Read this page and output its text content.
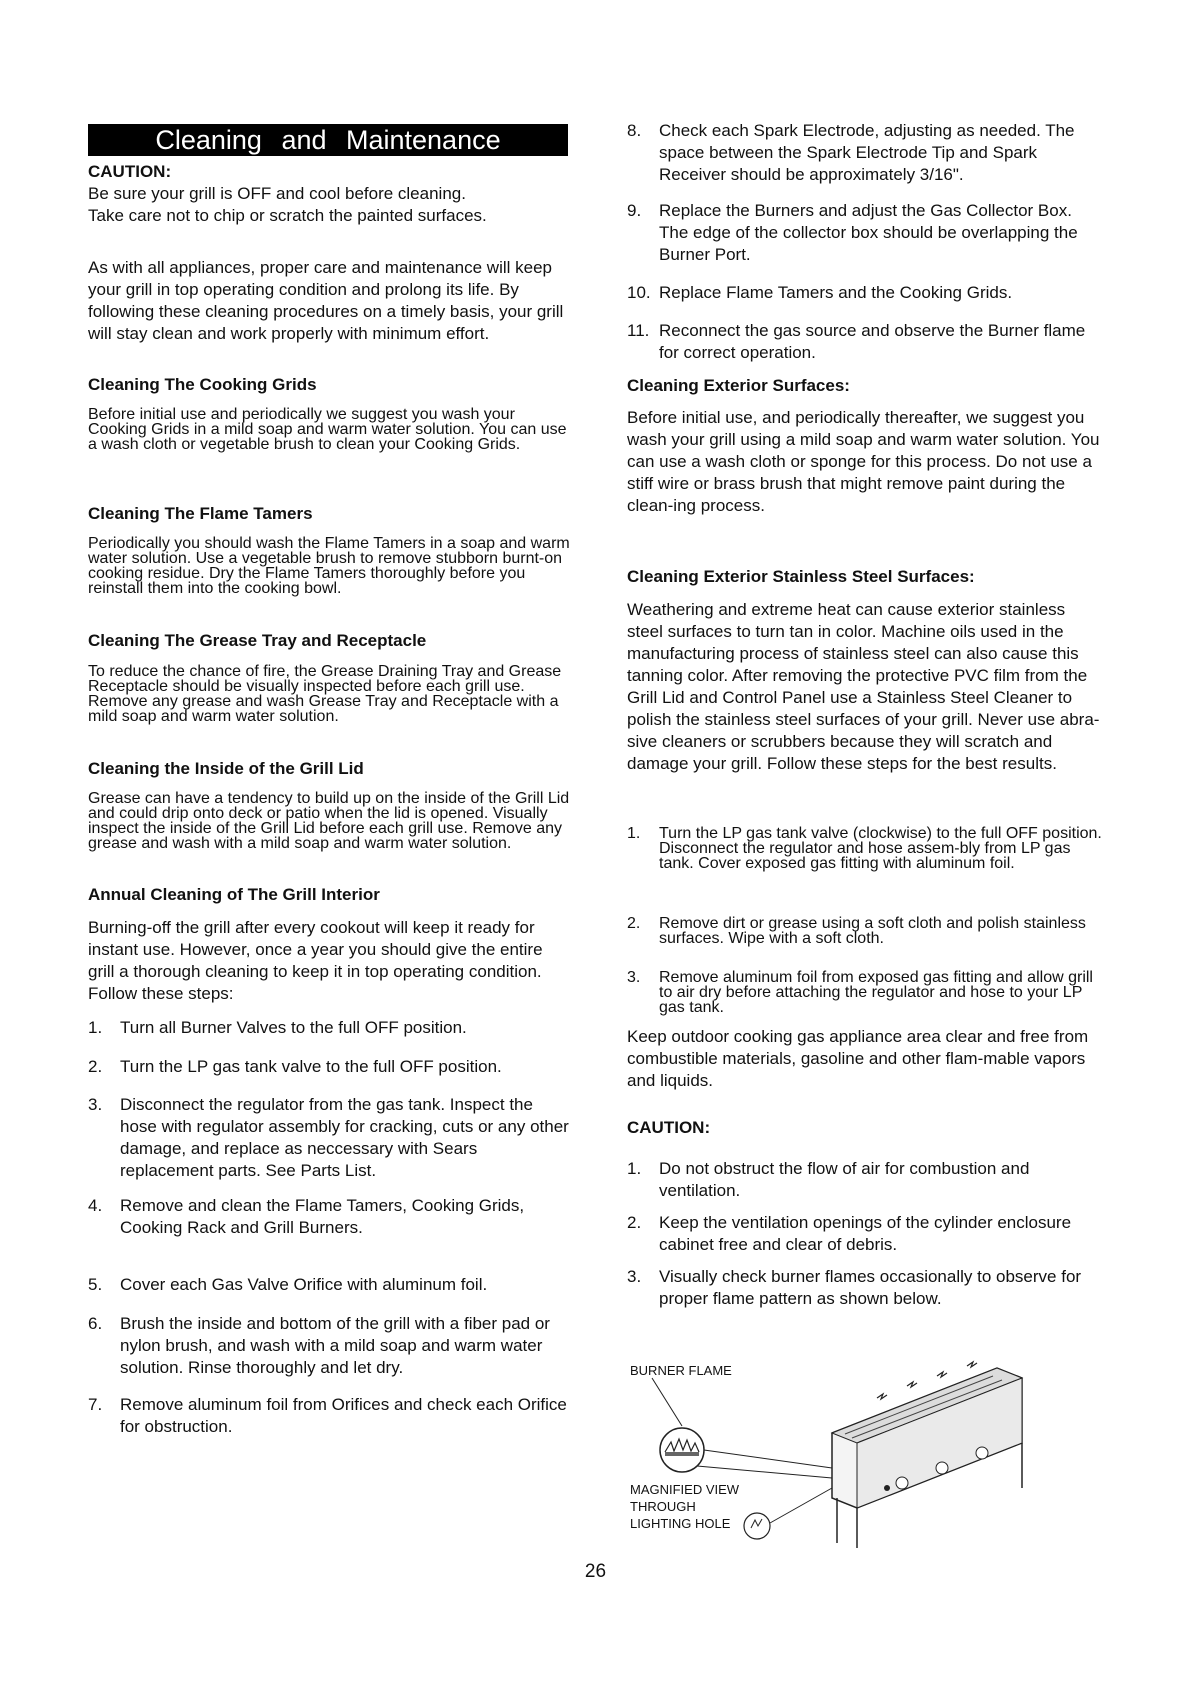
Cleaning and Maintenance
CAUTION:

Be sure your grill is OFF and cool before cleaning.

Take care not to chip or scratch the painted surfaces.

As with all appliances, proper care and maintenance will keep your grill in top operating condition and prolong its life. By following these cleaning procedures on a timely basis, your grill will stay clean and work properly with minimum effort.

Cleaning The Cooking Grids

Before initial use and periodically we suggest you wash your Cooking Grids in a mild soap and warm water solution. You can use a wash cloth or vegetable brush to clean your Cooking Grids.

Cleaning The Flame Tamers

Periodically you should wash the Flame Tamers in a soap and warm water solution. Use a vegetable brush to remove stubborn burnt-on cooking residue. Dry the Flame Tamers thoroughly before you reinstall them into the cooking bowl.

Cleaning The Grease Tray and Receptacle

To reduce the chance of fire, the Grease Draining Tray and Grease Receptacle should be visually inspected before each grill use. Remove any grease and wash Grease Tray and Receptacle with a mild soap and warm water solution.

Cleaning the Inside of the Grill Lid

Grease can have a tendency to build up on the inside of the Grill Lid and could drip onto deck or patio when the lid is opened. Visually inspect the inside of the Grill Lid before each grill use. Remove any grease and wash with a mild soap and warm water solution.

Annual Cleaning of The Grill Interior

Burning-off the grill after every cookout will keep it ready for instant use. However, once a year you should give the entire grill a thorough cleaning to keep it in top operating condition. Follow these steps:

1.	Turn all Burner Valves to the full OFF position.
2.	Turn the LP gas tank valve to the full OFF position.
3.	Disconnect the regulator from the gas tank. Inspect the hose with regulator assembly for cracking, cuts or any other damage, and replace as neccessary with Sears replacement parts. See Parts List.
4.	Remove and clean the Flame Tamers, Cooking Grids, Cooking Rack and Grill Burners.
5.	Cover each Gas Valve Orifice with aluminum foil.
6.	Brush the inside and bottom of the grill with a fiber pad or nylon brush, and wash with a mild soap and warm water solution. Rinse thoroughly and let dry.
7.	Remove aluminum foil from Orifices and check each Orifice for obstruction.
8.	Check each Spark Electrode, adjusting as needed. The space between the Spark Electrode Tip and Spark Receiver should be approximately 3/16".
9.	Replace the Burners and adjust the Gas Collector Box. The edge of the collector box should be overlapping the Burner Port.
10. Replace Flame Tamers and the Cooking Grids.
11. Reconnect the gas source and observe the Burner flame for correct operation.
Cleaning Exterior Surfaces:

Before initial use, and periodically thereafter, we suggest you wash your grill using a mild soap and warm water solution. You can use a wash cloth or sponge for this process. Do not use a stiff wire or brass brush that might remove paint during the clean-ing process.

Cleaning Exterior Stainless Steel Surfaces:

Weathering and extreme heat can cause exterior stainless steel surfaces to turn tan in color. Machine oils used in the manufacturing process of stainless steel can also cause this tanning color. After removing the protective PVC film from the Grill Lid and Control Panel use a Stainless Steel Cleaner to polish the stainless steel surfaces of your grill. Never use abra-sive cleaners or scrubbers because they will scratch and damage your grill. Follow these steps for the best results.

1.	Turn the LP gas tank valve (clockwise) to the full OFF position. Disconnect the regulator and hose assem-bly from LP gas tank. Cover exposed gas fitting with aluminum foil.
2.	Remove dirt or grease using a soft cloth and polish stainless surfaces. Wipe with a soft cloth.
3.	Remove aluminum foil from exposed gas fitting and allow grill to air dry before attaching the regulator and hose to your LP gas tank.

Keep outdoor cooking gas appliance area clear and free from combustible materials, gasoline and other flam-mable vapors and liquids.

CAUTION:
1.	Do not obstruct the flow of air for combustion and ventilation.
2.	Keep the ventilation openings of the cylinder enclosure cabinet free and clear of debris.
3.	Visually check burner flames occasionally to observe for proper flame pattern as shown below.
BURNER FLAME
MAGNIFIED VIEW
THROUGH
LIGHTING HOLE
26
